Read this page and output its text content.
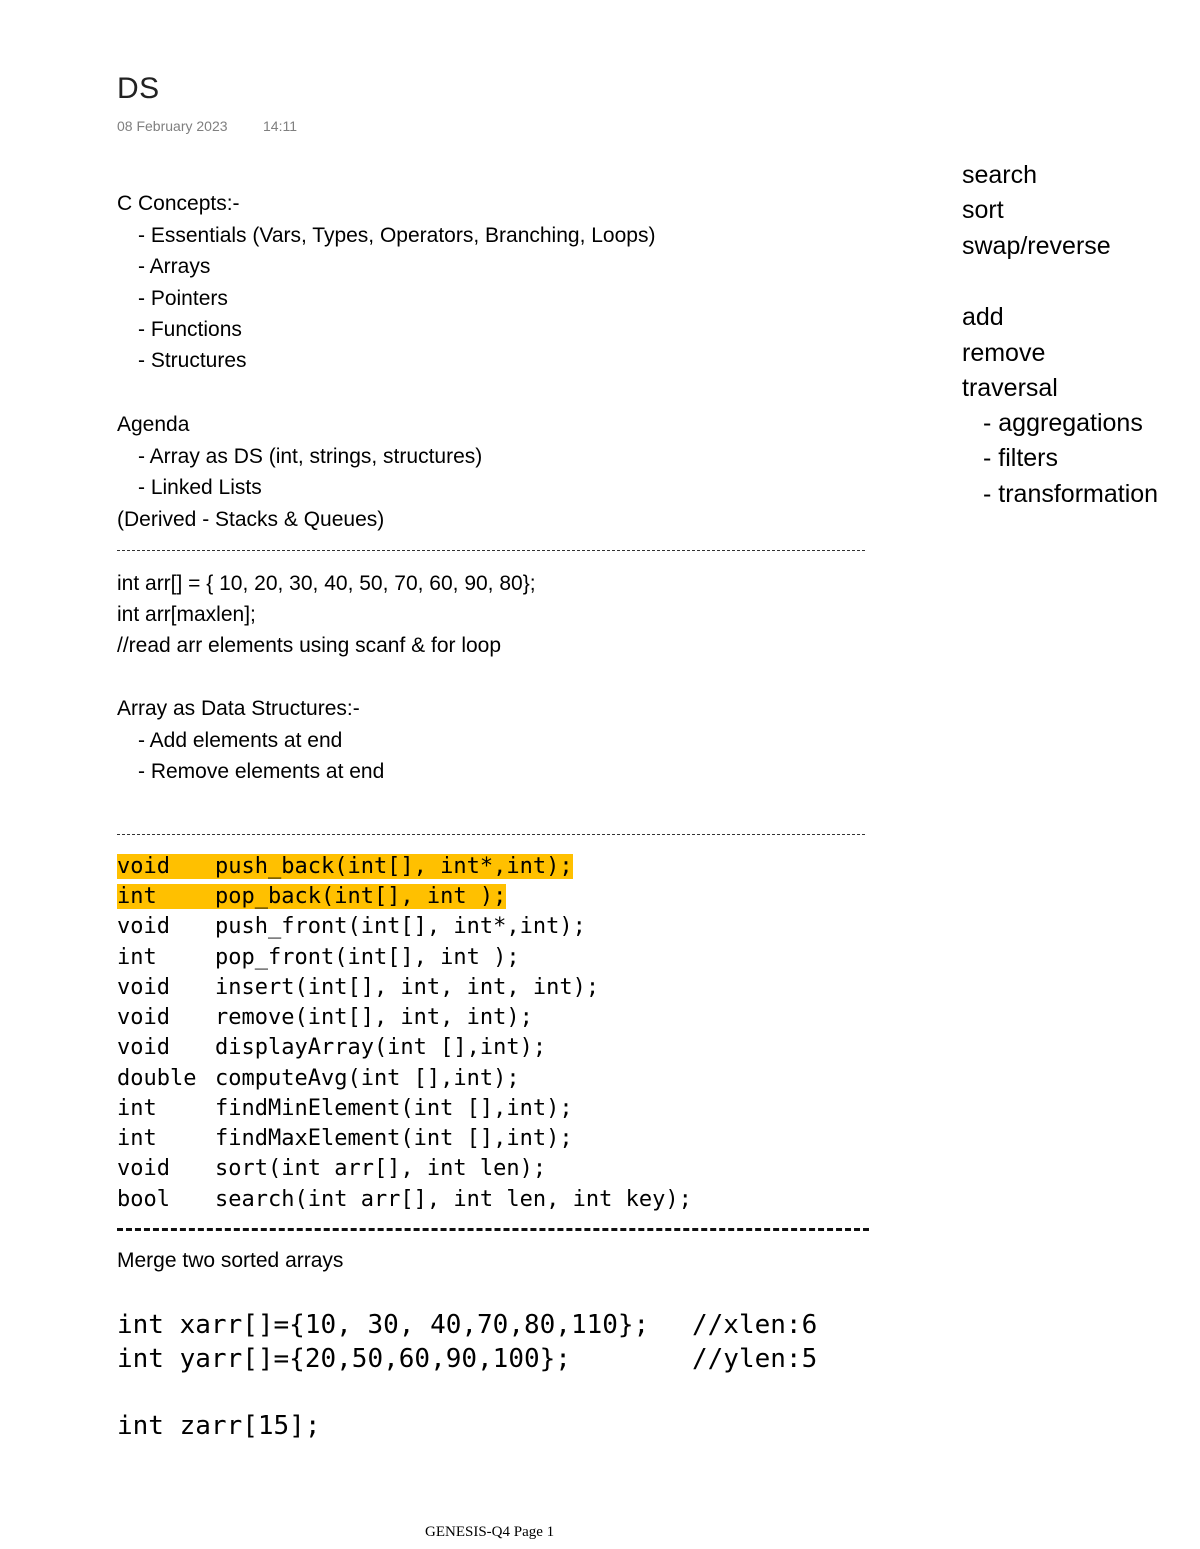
DS
08 February 2023	14:11
C Concepts:-
- Essentials (Vars, Types, Operators, Branching, Loops)
- Arrays
- Pointers
- Functions
- Structures
Agenda
- Array as DS (int, strings, structures)
- Linked Lists
(Derived - Stacks & Queues)
int arr[] = { 10, 20, 30, 40, 50, 70, 60, 90, 80};
int arr[maxlen];
//read arr elements using scanf & for loop
Array as Data Structures:-
- Add elements at end
- Remove elements at end
void push_back(int[], int*,int);
int	pop_back(int[], int );
void push_front(int[], int*,int);
int	pop_front(int[], int );
void insert(int[], int, int, int);
void remove(int[], int, int);
void displayArray(int [],int);
double computeAvg(int [],int);
int	findMinElement(int [],int);
int	findMaxElement(int [],int);
void sort(int arr[], int len);
bool search(int arr[], int len, int key);
Merge two sorted arrays
int xarr[]={10, 30, 40,70,80,110}; //xlen:6
int yarr[]={20,50,60,90,100};	//ylen:5
int zarr[15];
search
sort
swap/reverse
add
remove
traversal
- aggregations
- filters
- transformation
GENESIS-Q4 Page 1
